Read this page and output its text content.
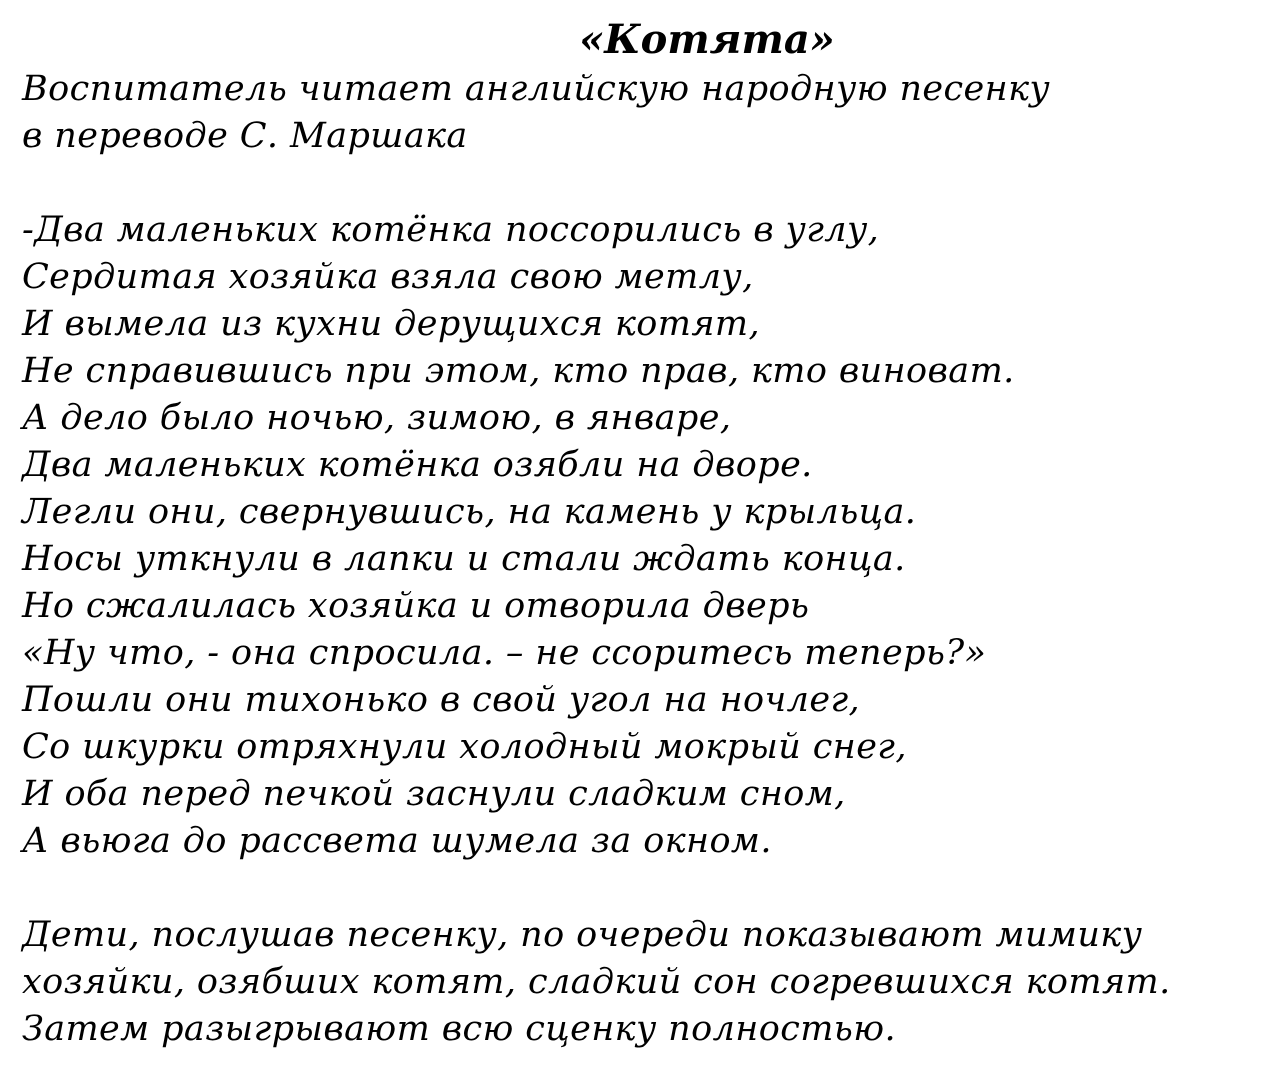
«Котята»
Воспитатель читает английскую народную песенку
в переводе С. Маршака
-Два маленьких котёнка поссорились в углу,
Сердитая хозяйка взяла свою метлу,
И вымела из кухни дерущихся котят,
Не справившись при этом, кто прав, кто виноват.
А дело было ночью, зимою, в январе,
Два маленьких котёнка озябли на дворе.
Легли они, свернувшись, на камень у крыльца.
Носы уткнули в лапки и стали ждать конца.
Но сжалилась хозяйка и отворила дверь
«Ну что, - она спросила. – не ссоритесь теперь?»
Пошли они тихонько в свой угол на ночлег,
Со шкурки отряхнули холодный мокрый снег,
И оба перед печкой заснули сладким сном,
А вьюга до рассвета шумела за окном.
Дети, послушав песенку, по очереди показывают мимику
хозяйки, озябших котят, сладкий сон согревшихся котят.
Затем разыгрывают всю сценку полностью.
